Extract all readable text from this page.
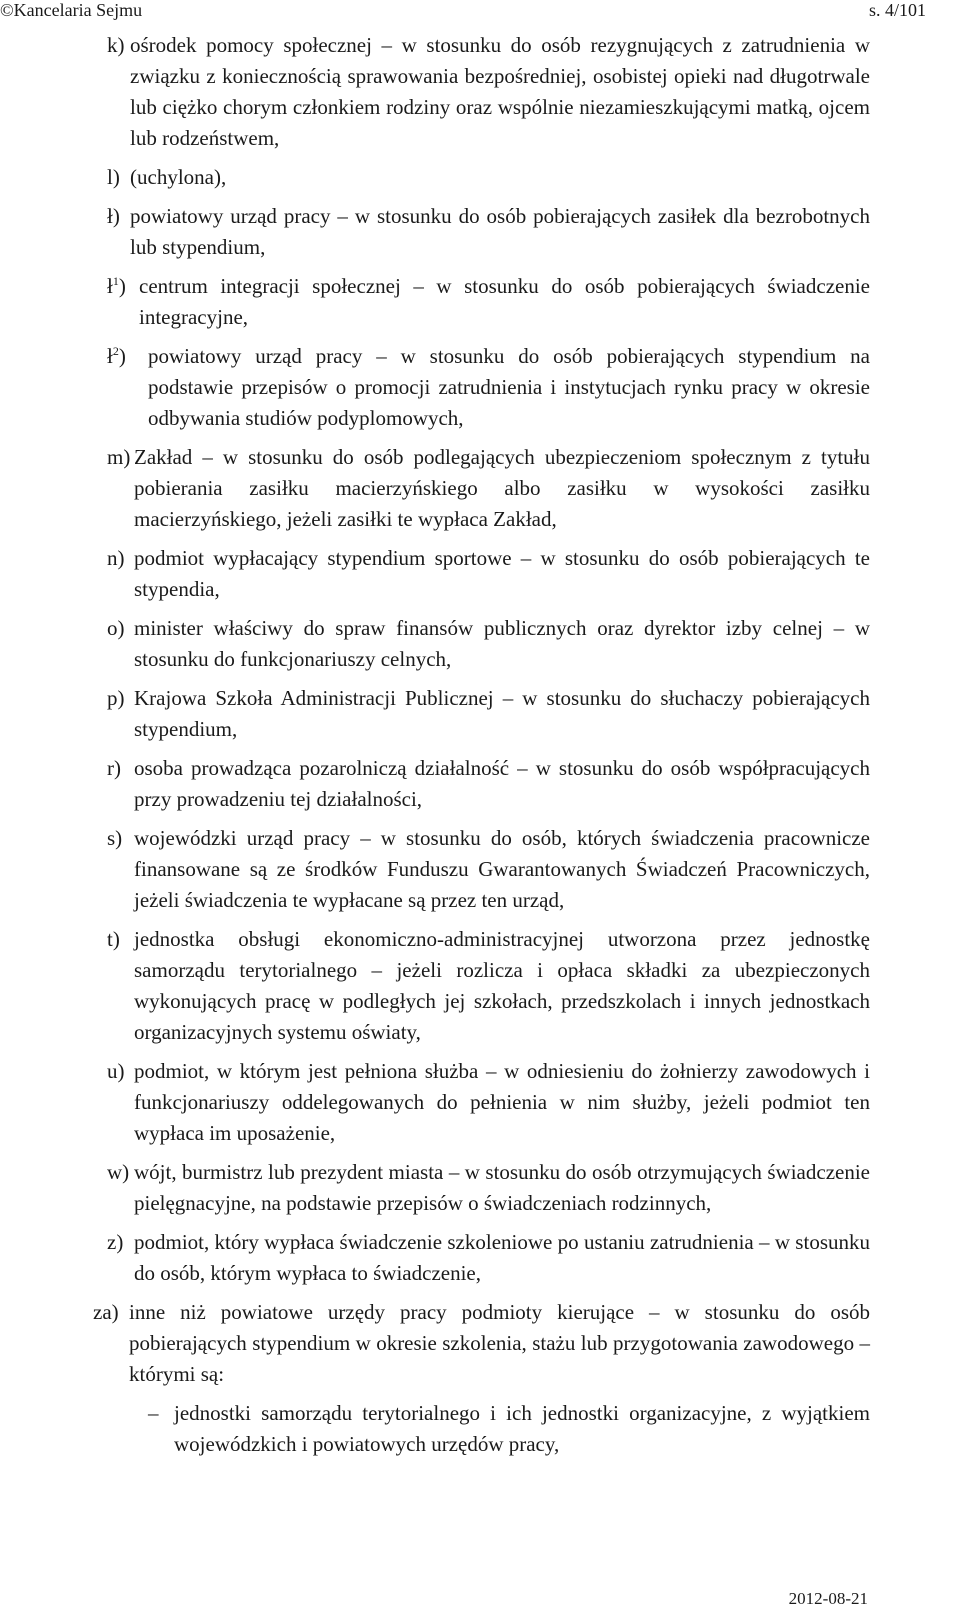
©Kancelaria Sejmu	s. 4/101
k) ośrodek pomocy społecznej – w stosunku do osób rezygnujących z zatrudnienia w związku z koniecznością sprawowania bezpośredniej, osobistej opieki nad długotrwale lub ciężko chorym członkiem rodziny oraz wspólnie niezamieszkującymi matką, ojcem lub rodzeństwem,
l) (uchylona),
ł) powiatowy urząd pracy – w stosunku do osób pobierających zasiłek dla bezrobotnych lub stypendium,
$ł^1$) centrum integracji społecznej – w stosunku do osób pobierających świadczenie integracyjne,
$ł^2$)	powiatowy urząd pracy – w stosunku do osób pobierających stypendium na podstawie przepisów o promocji zatrudnienia i instytucjach rynku pracy w okresie odbywania studiów podyplomowych,
m) Zakład – w stosunku do osób podlegających ubezpieczeniom społecznym z tytułu pobierania zasiłku macierzyńskiego albo zasiłku w wysokości zasiłku macierzyńskiego, jeżeli zasiłki te wypłaca Zakład,
n) podmiot wypłacający stypendium sportowe – w stosunku do osób pobierających te stypendia,
o) minister właściwy do spraw finansów publicznych oraz dyrektor izby celnej – w stosunku do funkcjonariuszy celnych,
p) Krajowa Szkoła Administracji Publicznej – w stosunku do słuchaczy pobierających stypendium,
r) osoba prowadząca pozarolniczą działalność – w stosunku do osób współpracujących przy prowadzeniu tej działalności,
s) wojewódzki urząd pracy – w stosunku do osób, których świadczenia pracownicze finansowane są ze środków Funduszu Gwarantowanych Świadczeń Pracowniczych, jeżeli świadczenia te wypłacane są przez ten urząd,
t) jednostka obsługi ekonomiczno-administracyjnej utworzona przez jednostkę samorządu terytorialnego – jeżeli rozlicza i opłaca składki za ubezpieczonych wykonujących pracę w podległych jej szkołach, przedszkolach i innych jednostkach organizacyjnych systemu oświaty,
u) podmiot, w którym jest pełniona służba – w odniesieniu do żołnierzy zawodowych i funkcjonariuszy oddelegowanych do pełnienia w nim służby, jeżeli podmiot ten wypłaca im uposażenie,
w) wójt, burmistrz lub prezydent miasta – w stosunku do osób otrzymujących świadczenie pielęgnacyjne, na podstawie przepisów o świadczeniach rodzinnych,
z) podmiot, który wypłaca świadczenie szkoleniowe po ustaniu zatrudnienia – w stosunku do osób, którym wypłaca to świadczenie,
za) inne niż powiatowe urzędy pracy podmioty kierujące – w stosunku do osób pobierających stypendium w okresie szkolenia, stażu lub przygotowania zawodowego – którymi są:
– jednostki samorządu terytorialnego i ich jednostki organizacyjne, z wyjątkiem wojewódzkich i powiatowych urzędów pracy,
2012-08-21
